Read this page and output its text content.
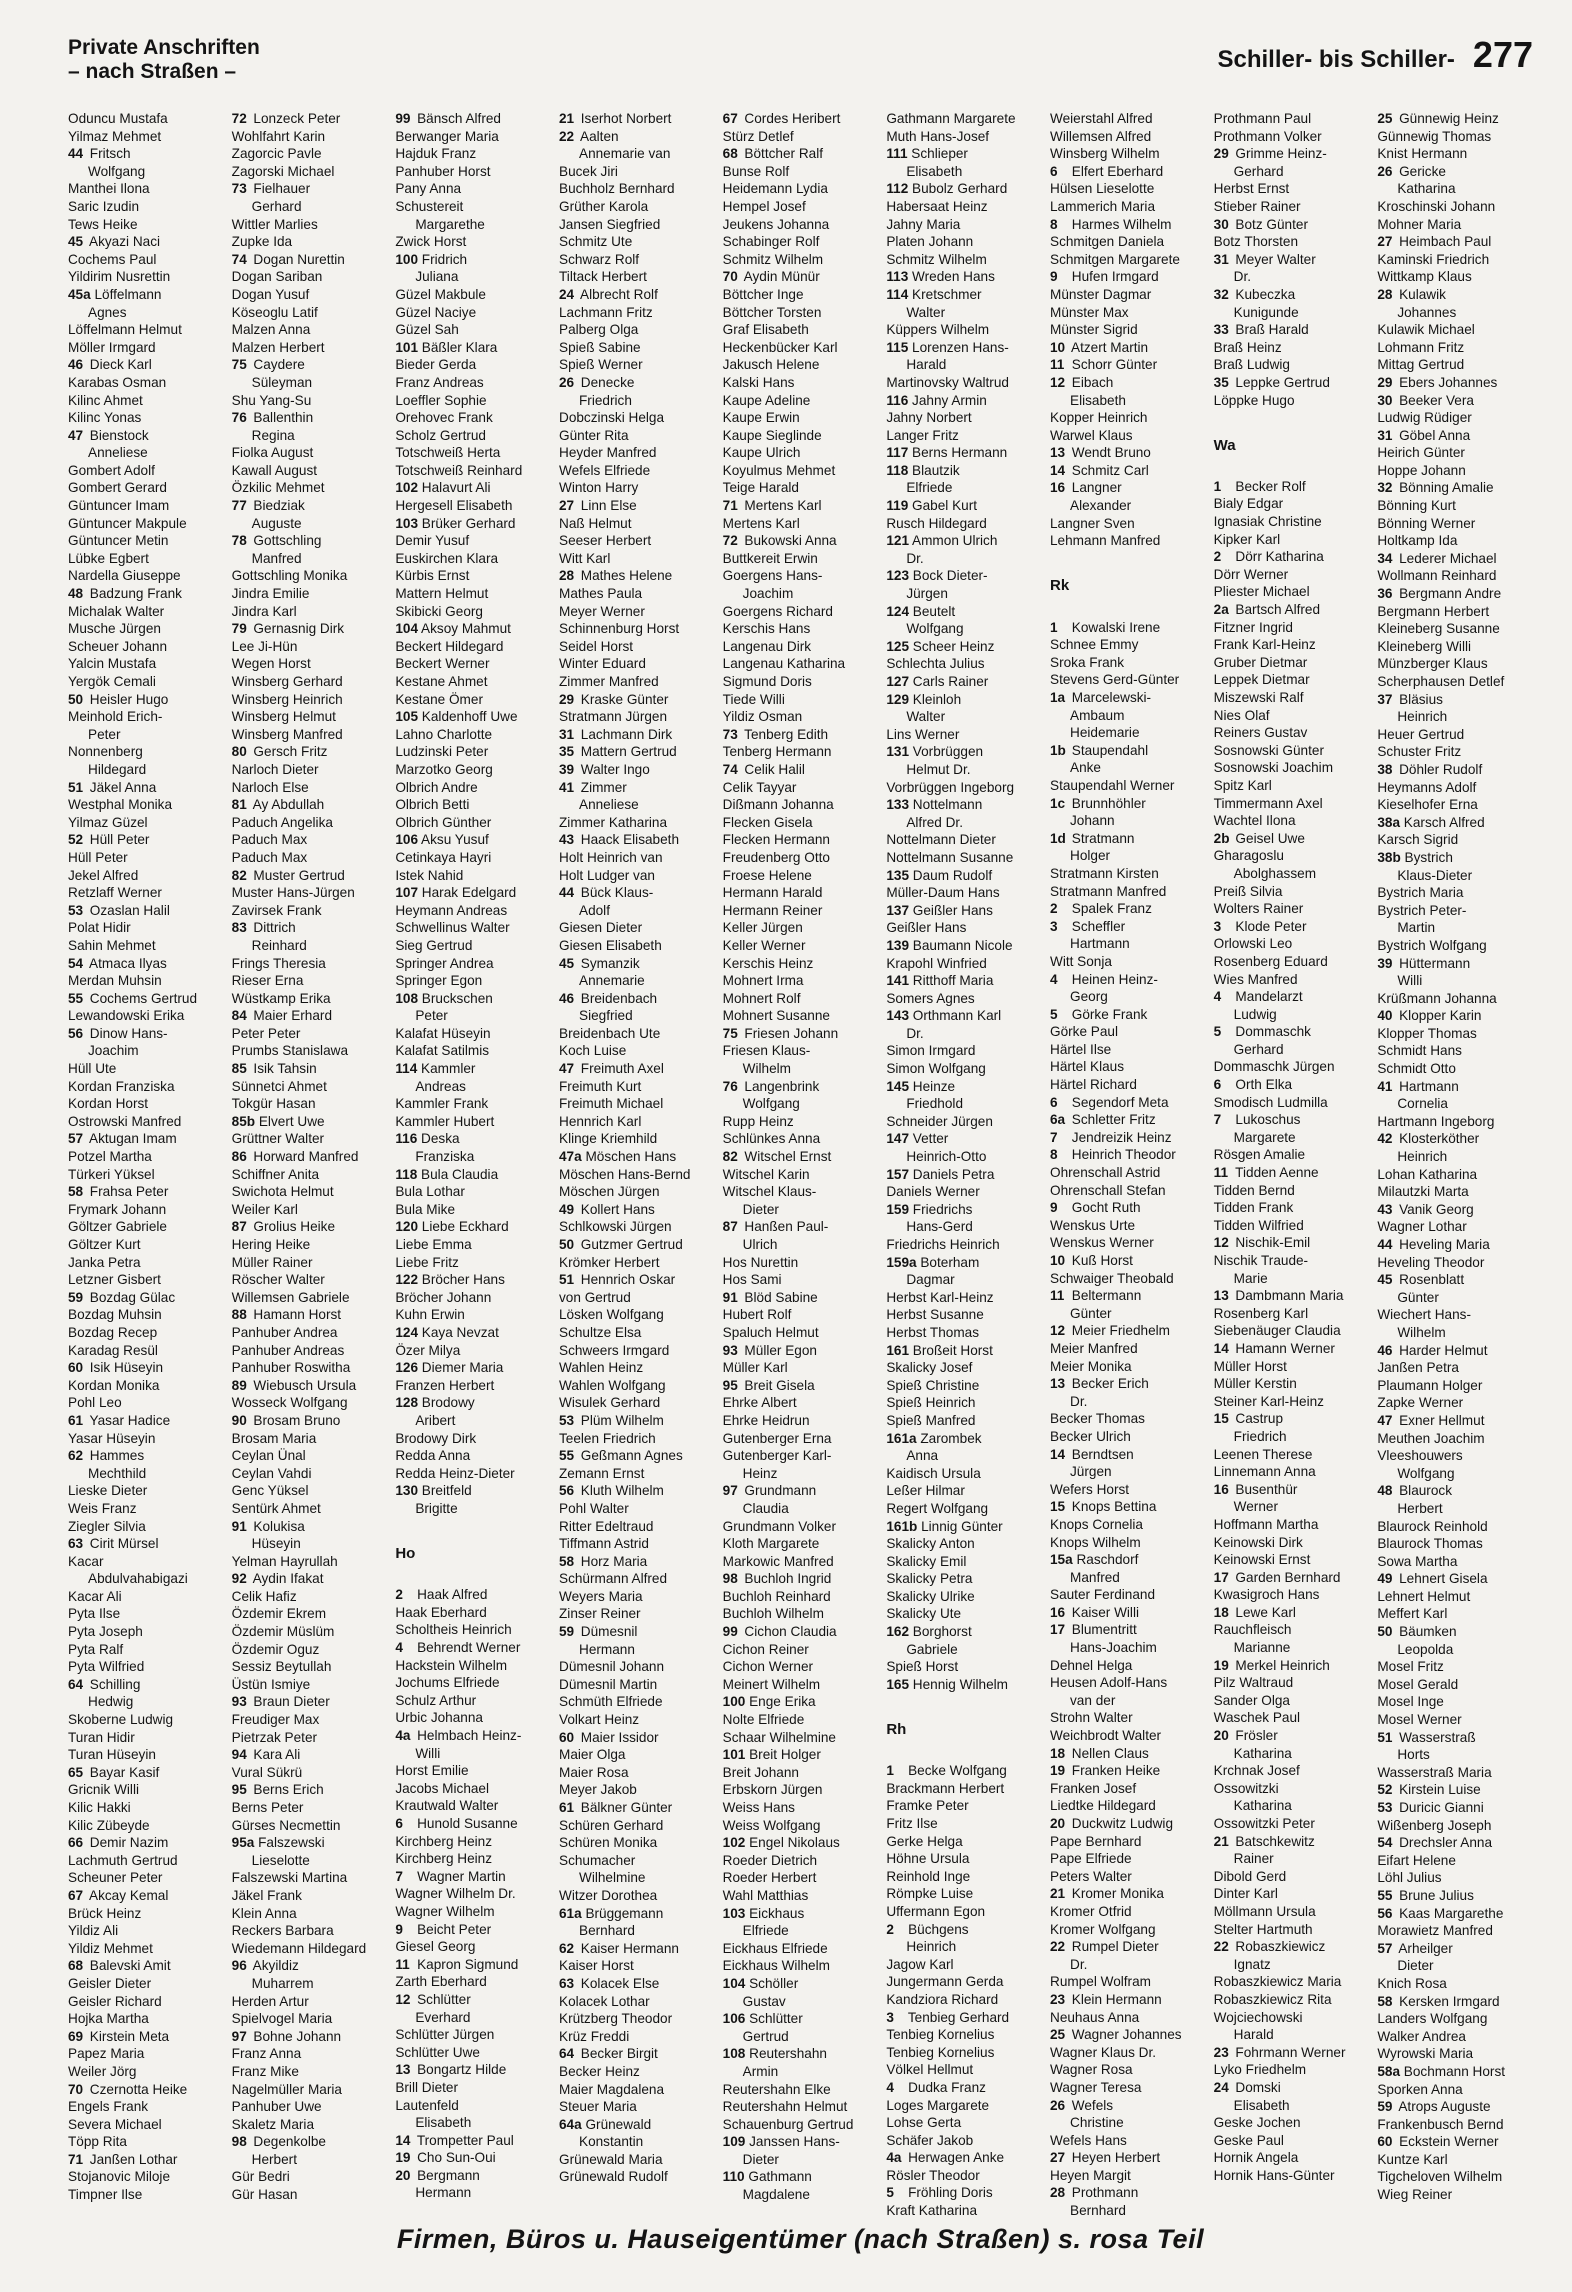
Private Anschriften
– nach Straßen –	Schiller- bis Schiller- 277
Oduncu Mustafa
Yilmaz Mehmet
44 Fritsch
Wolfgang
Manthei Ilona
Saric Izudin
Tews Heike
45 Akyazi Naci
Cochems Paul
Yildirim Nusrettin
45a Löffelmann
Agnes
Löffelmann Helmut
Möller Irmgard
46 Dieck Karl
Karabas Osman
Kilinc Ahmet
Kilinc Yonas
47 Bienstock
Anneliese
Gombert Adolf
Gombert Gerard
Güntuncer Imam
Güntuncer Makpule
Güntuncer Metin
Lübke Egbert
Nardella Giuseppe
48 Badzung Frank
Michalak Walter
Musche Jürgen
Scheuer Johann
Yalcin Mustafa
Yergök Cemali
50 Heisler Hugo
Meinhold Erich-
Peter
Nonnenberg
Hildegard
51 Jäkel Anna
Westphal Monika
Yilmaz Güzel
52 Hüll Peter
Hüll Peter
Jekel Alfred
Retzlaff Werner
53 Ozaslan Halil
Polat Hidir
Sahin Mehmet
54 Atmaca Ilyas
Merdan Muhsin
55 Cochems Gertrud
Lewandowski Erika
56 Dinow Hans-
Joachim
Hüll Ute
Kordan Franziska
Kordan Horst
Ostrowski Manfred
57 Aktugan Imam
Potzel Martha
Türkeri Yüksel
58 Frahsa Peter
Frymark Johann
Göltzer Gabriele
Göltzer Kurt
Janka Petra
Letzner Gisbert
59 Bozdag Gülac
Bozdag Muhsin
Bozdag Recep
Karadag Resül
60 Isik Hüseyin
Kordan Monika
Pohl Leo
61 Yasar Hadice
Yasar Hüseyin
62 Hammes
Mechthild
Lieske Dieter
Weis Franz
Ziegler Silvia
63 Cirit Mürsel
Kacar
Abdulvahabigazi
Kacar Ali
Pyta Ilse
Pyta Joseph
Pyta Ralf
Pyta Wilfried
64 Schilling
Hedwig
Skoberne Ludwig
Turan Hidir
Turan Hüseyin
65 Bayar Kasif
Gricnik Willi
Kilic Hakki
Kilic Zübeyde
66 Demir Nazim
Lachmuth Gertrud
Scheuner Peter
67 Akcay Kemal
Brück Heinz
Yildiz Ali
Yildiz Mehmet
68 Balevski Amit
Geisler Dieter
Geisler Richard
Hojka Martha
69 Kirstein Meta
Papez Maria
Weiler Jörg
70 Czernotta Heike
Engels Frank
Severa Michael
Töpp Rita
71 Janßen Lothar
Stojanovic Miloje
Timpner Ilse
72 Lonzeck Peter
Wohlfahrt Karin
Zagorcic Pavle
Zagorski Michael
73 Fielhauer
Gerhard
Wittler Marlies
Zupke Ida
74 Dogan Nurettin
Dogan Sariban
Dogan Yusuf
Köseoglu Latif
Malzen Anna
Malzen Herbert
75 Caydere
Süleyman
Shu Yang-Su
76 Ballenthin
Regina
Fiolka August
Kawall August
Özkilic Mehmet
77 Biedziak
Auguste
78 Gottschling
Manfred
Gottschling Monika
Jindra Emilie
Jindra Karl
79 Gernasnig Dirk
Lee Ji-Hün
Wegen Horst
Winsberg Gerhard
Winsberg Heinrich
Winsberg Helmut
Winsberg Manfred
80 Gersch Fritz
Narloch Dieter
Narloch Else
81 Ay Abdullah
Paduch Angelika
Paduch Max
Paduch Max
82 Muster Gertrud
Muster Hans-Jürgen
Zavirsek Frank
83 Dittrich
Reinhard
Frings Theresia
Rieser Erna
Wüstkamp Erika
84 Maier Erhard
Peter Peter
Prumbs Stanislawa
85 Isik Tahsin
Sünnetci Ahmet
Tokgür Hasan
85b Elvert Uwe
Grüttner Walter
86 Horward Manfred
Schiffner Anita
Swichota Helmut
Weiler Karl
87 Grolius Heike
Hering Heike
Müller Rainer
Röscher Walter
Willemsen Gabriele
88 Hamann Horst
Panhuber Andrea
Panhuber Andreas
Panhuber Roswitha
89 Wiebusch Ursula
Wosseck Wolfgang
90 Brosam Bruno
Brosam Maria
Ceylan Ünal
Ceylan Vahdi
Genc Yüksel
Sentürk Ahmet
91 Kolukisa
Hüseyin
Yelman Hayrullah
92 Aydin Ifakat
Celik Hafiz
Özdemir Ekrem
Özdemir Müslüm
Özdemir Oguz
Sessiz Beytullah
Üstün Ismiye
93 Braun Dieter
Freudiger Max
Pietrzak Peter
94 Kara Ali
Vural Sükrü
95 Berns Erich
Berns Peter
Gürses Necmettin
95a Falszewski
Lieselotte
Falszewski Martina
Jäkel Frank
Klein Anna
Reckers Barbara
Wiedemann Hildegard
96 Akyildiz
Muharrem
Herden Artur
Spielvogel Maria
97 Bohne Johann
Franz Anna
Franz Mike
Nagelmüller Maria
Panhuber Uwe
Skaletz Maria
98 Degenkolbe
Herbert
Gür Bedri
Gür Hasan
99 Bänsch Alfred
Berwanger Maria
Hajduk Franz
Panhuber Horst
Pany Anna
Schustereit
Margarethe
Zwick Horst
100 Fridrich
Juliana
Güzel Makbule
Güzel Naciye
Güzel Sah
101 Bäßler Klara
Bieder Gerda
Franz Andreas
Loeffler Sophie
Orehovec Frank
Scholz Gertrud
Totschweiß Herta
Totschweiß Reinhard
102 Halavurt Ali
Hergesell Elisabeth
103 Brüker Gerhard
Demir Yusuf
Euskirchen Klara
Kürbis Ernst
Mattern Helmut
Skibicki Georg
104 Aksoy Mahmut
Beckert Hildegard
Beckert Werner
Kestane Ahmet
Kestane Ömer
105 Kaldenhoff Uwe
Lahno Charlotte
Ludzinski Peter
Marzotko Georg
Olbrich Andre
Olbrich Betti
Olbrich Günther
106 Aksu Yusuf
Cetinkaya Hayri
Istek Nahid
107 Harak Edelgard
Heymann Andreas
Schwellinus Walter
Sieg Gertrud
Springer Andrea
Springer Egon
108 Bruckschen
Peter
Kalafat Hüseyin
Kalafat Satilmis
114 Kammler
Andreas
Kammler Frank
Kammler Hubert
116 Deska
Franziska
118 Bula Claudia
Bula Lothar
Bula Mike
120 Liebe Eckhard
Liebe Emma
Liebe Fritz
122 Bröcher Hans
Bröcher Johann
Kuhn Erwin
124 Kaya Nevzat
Özer Milya
126 Diemer Maria
Franzen Herbert
128 Brodowy
Aribert
Brodowy Dirk
Redda Anna
Redda Heinz-Dieter
130 Breitfeld
Brigitte
Ho
2 Haak Alfred
Haak Eberhard
Scholtheis Heinrich
4 Behrendt Werner
Hackstein Wilhelm
Jochums Elfriede
Schulz Arthur
Urbic Johanna
4a Helmbach Heinz-
Willi
Horst Emilie
Jacobs Michael
Krautwald Walter
6 Hunold Susanne
Kirchberg Heinz
Kirchberg Heinz
7 Wagner Martin
Wagner Wilhelm Dr.
Wagner Wilhelm
9 Beicht Peter
Giesel Georg
11 Kapron Sigmund
Zarth Eberhard
12 Schlütter
Everhard
Schlütter Jürgen
Schlütter Uwe
13 Bongartz Hilde
Brill Dieter
Lautenfeld
Elisabeth
14 Trompetter Paul
19 Cho Sun-Oui
20 Bergmann
Hermann
21 Iserhot Norbert
22 Aalten
Annemarie van
Bucek Jiri
Buchholz Bernhard
Grüther Karola
Jansen Siegfried
Schmitz Ute
Schwarz Rolf
Tiltack Herbert
24 Albrecht Rolf
Lachmann Fritz
Palberg Olga
Spieß Sabine
Spieß Werner
26 Denecke
Friedrich
Dobczinski Helga
Günter Rita
Heyder Manfred
Wefels Elfriede
Winton Harry
27 Linn Else
Naß Helmut
Seeser Herbert
Witt Karl
28 Mathes Helene
Mathes Paula
Meyer Werner
Schinnenburg Horst
Seidel Horst
Winter Eduard
Zimmer Manfred
29 Kraske Günter
Stratmann Jürgen
31 Lachmann Dirk
35 Mattern Gertrud
39 Walter Ingo
41 Zimmer
Anneliese
Zimmer Katharina
43 Haack Elisabeth
Holt Heinrich van
Holt Ludger van
44 Bück Klaus-
Adolf
Giesen Dieter
Giesen Elisabeth
45 Symanzik
Annemarie
46 Breidenbach
Siegfried
Breidenbach Ute
Koch Luise
47 Freimuth Axel
Freimuth Kurt
Freimuth Michael
Hennrich Karl
Klinge Kriemhild
47a Möschen Hans
Möschen Hans-Bernd
Möschen Jürgen
49 Kollert Hans
Schlkowski Jürgen
50 Gutzmer Gertrud
Krömker Herbert
51 Hennrich Oskar
von Gertrud
Lösken Wolfgang
Schultze Elsa
Schweers Irmgard
Wahlen Heinz
Wahlen Wolfgang
Wisulek Gerhard
53 Plüm Wilhelm
Teelen Friedrich
55 Geßmann Agnes
Zemann Ernst
56 Kluth Wilhelm
Pohl Walter
Ritter Edeltraud
Tiffmann Astrid
58 Horz Maria
Schürmann Alfred
Weyers Maria
Zinser Reiner
59 Dümesnil
Hermann
Dümesnil Johann
Dümesnil Martin
Schmüth Elfriede
Volkart Heinz
60 Maier Issidor
Maier Olga
Maier Rosa
Meyer Jakob
61 Bälkner Günter
Schüren Gerhard
Schüren Monika
Schumacher
Wilhelmine
Witzer Dorothea
61a Brüggemann
Bernhard
62 Kaiser Hermann
Kaiser Horst
63 Kolacek Else
Kolacek Lothar
Krützberg Theodor
Krüz Freddi
64 Becker Birgit
Becker Heinz
Maier Magdalena
Steuer Maria
64a Grünewald
Konstantin
Grünewald Maria
Grünewald Rudolf
67 Cordes Heribert
Stürz Detlef
68 Böttcher Ralf
Bunse Rolf
Heidemann Lydia
Hempel Josef
Jeukens Johanna
Schabinger Rolf
Schmitz Wilhelm
70 Aydin Münür
Böttcher Inge
Böttcher Torsten
Graf Elisabeth
Heckenbücker Karl
Jakusch Helene
Kalski Hans
Kaupe Adeline
Kaupe Erwin
Kaupe Sieglinde
Kaupe Ulrich
Koyulmus Mehmet
Teige Harald
71 Mertens Karl
Mertens Karl
72 Bukowski Anna
Buttkereit Erwin
Goergens Hans-
Joachim
Goergens Richard
Kerschis Hans
Langenau Dirk
Langenau Katharina
Sigmund Doris
Tiede Willi
Yildiz Osman
73 Tenberg Edith
Tenberg Hermann
74 Celik Halil
Celik Tayyar
Dißmann Johanna
Flecken Gisela
Flecken Hermann
Freudenberg Otto
Froese Helene
Hermann Harald
Hermann Reiner
Keller Jürgen
Keller Werner
Kerschis Heinz
Mohnert Irma
Mohnert Rolf
Mohnert Susanne
75 Friesen Johann
Friesen Klaus-
Wilhelm
76 Langenbrink
Wolfgang
Rupp Heinz
Schlünkes Anna
82 Witschel Ernst
Witschel Karin
Witschel Klaus-
Dieter
87 Hanßen Paul-
Ulrich
Hos Nurettin
Hos Sami
91 Blöd Sabine
Hubert Rolf
Spaluch Helmut
93 Müller Egon
Müller Karl
95 Breit Gisela
Ehrke Albert
Ehrke Heidrun
Gutenberger Erna
Gutenberger Karl-
Heinz
97 Grundmann
Claudia
Grundmann Volker
Kloth Margarete
Markowic Manfred
98 Buchloh Ingrid
Buchloh Reinhard
Buchloh Wilhelm
99 Cichon Claudia
Cichon Reiner
Cichon Werner
Meinert Wilhelm
100 Enge Erika
Nolte Elfriede
Schaar Wilhelmine
101 Breit Holger
Breit Johann
Erbskorn Jürgen
Weiss Hans
Weiss Wolfgang
102 Engel Nikolaus
Roeder Dietrich
Roeder Herbert
Wahl Matthias
103 Eickhaus
Elfriede
Eickhaus Elfriede
Eickhaus Wilhelm
104 Schöller
Gustav
106 Schlütter
Gertrud
108 Reutershahn
Armin
Reutershahn Elke
Reutershahn Helmut
Schauenburg Gertrud
109 Janssen Hans-
Dieter
110 Gathmann
Magdalene
Gathmann Margarete
Muth Hans-Josef
111 Schlieper
Elisabeth
112 Bubolz Gerhard
Habersaat Heinz
Jahny Maria
Platen Johann
Schmitz Wilhelm
113 Wreden Hans
114 Kretschmer
Walter
Küppers Wilhelm
115 Lorenzen Hans-
Harald
Martinovsky Waltrud
116 Jahny Armin
Jahny Norbert
Langer Fritz
117 Berns Hermann
118 Blautzik
Elfriede
119 Gabel Kurt
Rusch Hildegard
121 Ammon Ulrich
Dr.
123 Bock Dieter-
Jürgen
124 Beutelt
Wolfgang
125 Scheer Heinz
Schlechta Julius
127 Carls Rainer
129 Kleinloh
Walter
Lins Werner
131 Vorbrüggen
Helmut Dr.
Vorbrüggen Ingeborg
133 Nottelmann
Alfred Dr.
Nottelmann Dieter
Nottelmann Susanne
135 Daum Rudolf
Müller-Daum Hans
137 Geißler Hans
Geißler Hans
139 Baumann Nicole
Krapohl Winfried
141 Ritthoff Maria
Somers Agnes
143 Orthmann Karl
Dr.
Simon Irmgard
Simon Wolfgang
145 Heinze
Friedhold
Schneider Jürgen
147 Vetter
Heinrich-Otto
157 Daniels Petra
Daniels Werner
159 Friedrichs
Hans-Gerd
Friedrichs Heinrich
159a Boterham
Dagmar
Herbst Karl-Heinz
Herbst Susanne
Herbst Thomas
161 Broßeit Horst
Skalicky Josef
Spieß Christine
Spieß Heinrich
Spieß Manfred
161a Zarombek
Anna
Kaidisch Ursula
Leßer Hilmar
Regert Wolfgang
161b Linnig Günter
Skalicky Anton
Skalicky Emil
Skalicky Petra
Skalicky Ulrike
Skalicky Ute
162 Borghorst
Gabriele
Spieß Horst
165 Hennig Wilhelm
Rh
1 Becke Wolfgang
Brackmann Herbert
Framke Peter
Fritz Ilse
Gerke Helga
Höhne Ursula
Reinhold Inge
Römpke Luise
Uffermann Egon
2 Büchgens
Heinrich
Jagow Karl
Jungermann Gerda
Kandziora Richard
3 Tenbieg Gerhard
Tenbieg Kornelius
Tenbieg Kornelius
Völkel Hellmut
4 Dudka Franz
Loges Margarete
Lohse Gerta
Schäfer Jakob
4a Herwagen Anke
Rösler Theodor
5 Fröhling Doris
Kraft Katharina
Weierstahl Alfred
Willemsen Alfred
Winsberg Wilhelm
6 Elfert Eberhard
Hülsen Lieselotte
Lammerich Maria
8 Harmes Wilhelm
Schmitgen Daniela
Schmitgen Margarete
9 Hufen Irmgard
Münster Dagmar
Münster Max
Münster Sigrid
10 Atzert Martin
11 Schorr Günter
12 Eibach
Elisabeth
Kopper Heinrich
Warwel Klaus
13 Wendt Bruno
14 Schmitz Carl
16 Langner
Alexander
Langner Sven
Lehmann Manfred
Rk
1 Kowalski Irene
Schnee Emmy
Sroka Frank
Stevens Gerd-Günter
1a Marcelewski-
Ambaum
Heidemarie
1b Staupendahl
Anke
Staupendahl Werner
1c Brunnhöhler
Johann
1d Stratmann
Holger
Stratmann Kirsten
Stratmann Manfred
2 Spalek Franz
3 Scheffler
Hartmann
Witt Sonja
4 Heinen Heinz-
Georg
5 Görke Frank
Görke Paul
Härtel Ilse
Härtel Klaus
Härtel Richard
6 Segendorf Meta
6a Schletter Fritz
7 Jendreizik Heinz
8 Heinrich Theodor
Ohrenschall Astrid
Ohrenschall Stefan
9 Gocht Ruth
Wenskus Urte
Wenskus Werner
10 Kuß Horst
Schwaiger Theobald
11 Beltermann
Günter
12 Meier Friedhelm
Meier Manfred
Meier Monika
13 Becker Erich
Dr.
Becker Thomas
Becker Ulrich
14 Berndtsen
Jürgen
Wefers Horst
15 Knops Bettina
Knops Cornelia
Knops Wilhelm
15a Raschdorf
Manfred
Sauter Ferdinand
16 Kaiser Willi
17 Blumentritt
Hans-Joachim
Dehnel Helga
Heusen Adolf-Hans
van der
Strohn Walter
Weichbrodt Walter
18 Nellen Claus
19 Franken Heike
Franken Josef
Liedtke Hildegard
20 Duckwitz Ludwig
Pape Bernhard
Pape Elfriede
Peters Walter
21 Kromer Monika
Kromer Otfrid
Kromer Wolfgang
22 Rumpel Dieter
Dr.
Rumpel Wolfram
23 Klein Hermann
Neuhaus Anna
25 Wagner Johannes
Wagner Klaus Dr.
Wagner Rosa
Wagner Teresa
26 Wefels
Christine
Wefels Hans
27 Heyen Herbert
Heyen Margit
28 Prothmann
Bernhard
Prothmann Paul
Prothmann Volker
29 Grimme Heinz-
Gerhard
Herbst Ernst
Stieber Rainer
30 Botz Günter
Botz Thorsten
31 Meyer Walter
Dr.
32 Kubeczka
Kunigunde
33 Braß Harald
Braß Heinz
Braß Ludwig
35 Leppke Gertrud
Löppke Hugo
Wa
1 Becker Rolf
Bialy Edgar
Ignasiak Christine
Kipker Karl
2 Dörr Katharina
Dörr Werner
Pliester Michael
2a Bartsch Alfred
Fitzner Ingrid
Frank Karl-Heinz
Gruber Dietmar
Leppek Dietmar
Miszewski Ralf
Nies Olaf
Reiners Gustav
Sosnowski Günter
Sosnowski Joachim
Spitz Karl
Timmermann Axel
Wachtel Ilona
2b Geisel Uwe
Gharagoslu
Abolghassem
Preiß Silvia
Wolters Rainer
3 Klode Peter
Orlowski Leo
Rosenberg Eduard
Wies Manfred
4 Mandelarzt
Ludwig
5 Dommaschk
Gerhard
Dommaschk Jürgen
6 Orth Elka
Smodisch Ludmilla
7 Lukoschus
Margarete
Rösgen Amalie
11 Tidden Aenne
Tidden Bernd
Tidden Frank
Tidden Wilfried
12 Nischik-Emil
Nischik Traude-
Marie
13 Dambmann Maria
Rosenberg Karl
Siebenäuger Claudia
14 Hamann Werner
Müller Horst
Müller Kerstin
Steiner Karl-Heinz
15 Castrup
Friedrich
Leenen Therese
Linnemann Anna
16 Busenthür
Werner
Hoffmann Martha
Keinowski Dirk
Keinowski Ernst
17 Garden Bernhard
Kwasigroch Hans
18 Lewe Karl
Rauchfleisch
Marianne
19 Merkel Heinrich
Pilz Waltraud
Sander Olga
Waschek Paul
20 Frösler
Katharina
Krchnak Josef
Ossowitzki
Katharina
Ossowitzki Peter
21 Batschkewitz
Rainer
Dibold Gerd
Dinter Karl
Möllmann Ursula
Stelter Hartmuth
22 Robaszkiewicz
Ignatz
Robaszkiewicz Maria
Robaszkiewicz Rita
Wojciechowski
Harald
23 Fohrmann Werner
Lyko Friedhelm
24 Domski
Elisabeth
Geske Jochen
Geske Paul
Hornik Angela
Hornik Hans-Günter
25 Günnewig Heinz
Günnewig Thomas
Knist Hermann
26 Gericke
Katharina
Kroschinski Johann
Mohner Maria
27 Heimbach Paul
Kaminski Friedrich
Wittkamp Klaus
28 Kulawik
Johannes
Kulawik Michael
Lohmann Fritz
Mittag Gertrud
29 Ebers Johannes
30 Beeker Vera
Ludwig Rüdiger
31 Göbel Anna
Heirich Günter
Hoppe Johann
32 Bönning Amalie
Bönning Kurt
Bönning Werner
Holtkamp Ida
34 Lederer Michael
Wollmann Reinhard
36 Bergmann Andre
Bergmann Herbert
Kleineberg Susanne
Kleineberg Willi
Münzberger Klaus
Scherphausen Detlef
37 Bläsius
Heinrich
Heuer Gertrud
Schuster Fritz
38 Döhler Rudolf
Heymanns Adolf
Kieselhofer Erna
38a Karsch Alfred
Karsch Sigrid
38b Bystrich
Klaus-Dieter
Bystrich Maria
Bystrich Peter-
Martin
Bystrich Wolfgang
39 Hüttermann
Willi
Krüßmann Johanna
40 Klopper Karin
Klopper Thomas
Schmidt Hans
Schmidt Otto
41 Hartmann
Cornelia
Hartmann Ingeborg
42 Klosterköther
Heinrich
Lohan Katharina
Milautzki Marta
43 Vanik Georg
Wagner Lothar
44 Heveling Maria
Heveling Theodor
45 Rosenblatt
Günter
Wiechert Hans-
Wilhelm
46 Harder Helmut
Janßen Petra
Plaumann Holger
Zapke Werner
47 Exner Hellmut
Meuthen Joachim
Vleeshouwers
Wolfgang
48 Blaurock
Herbert
Blaurock Reinhold
Blaurock Thomas
Sowa Martha
49 Lehnert Gisela
Lehnert Helmut
Meffert Karl
50 Bäumken
Leopolda
Mosel Fritz
Mosel Gerald
Mosel Inge
Mosel Werner
51 Wasserstraß
Horts
Wasserstraß Maria
52 Kirstein Luise
53 Duricic Gianni
Wißenberg Joseph
54 Drechsler Anna
Eifart Helene
Löhl Julius
55 Brune Julius
56 Kaas Margarethe
Morawietz Manfred
57 Arheilger
Dieter
Knich Rosa
58 Kersken Irmgard
Landers Wolfgang
Walker Andrea
Wyrowski Maria
58a Bochmann Horst
Sporken Anna
59 Atrops Auguste
Frankenbusch Bernd
60 Eckstein Werner
Kuntze Karl
Tigcheloven Wilhelm
Wieg Reiner
Firmen, Büros u. Hauseigentümer (nach Straßen) s. rosa Teil
